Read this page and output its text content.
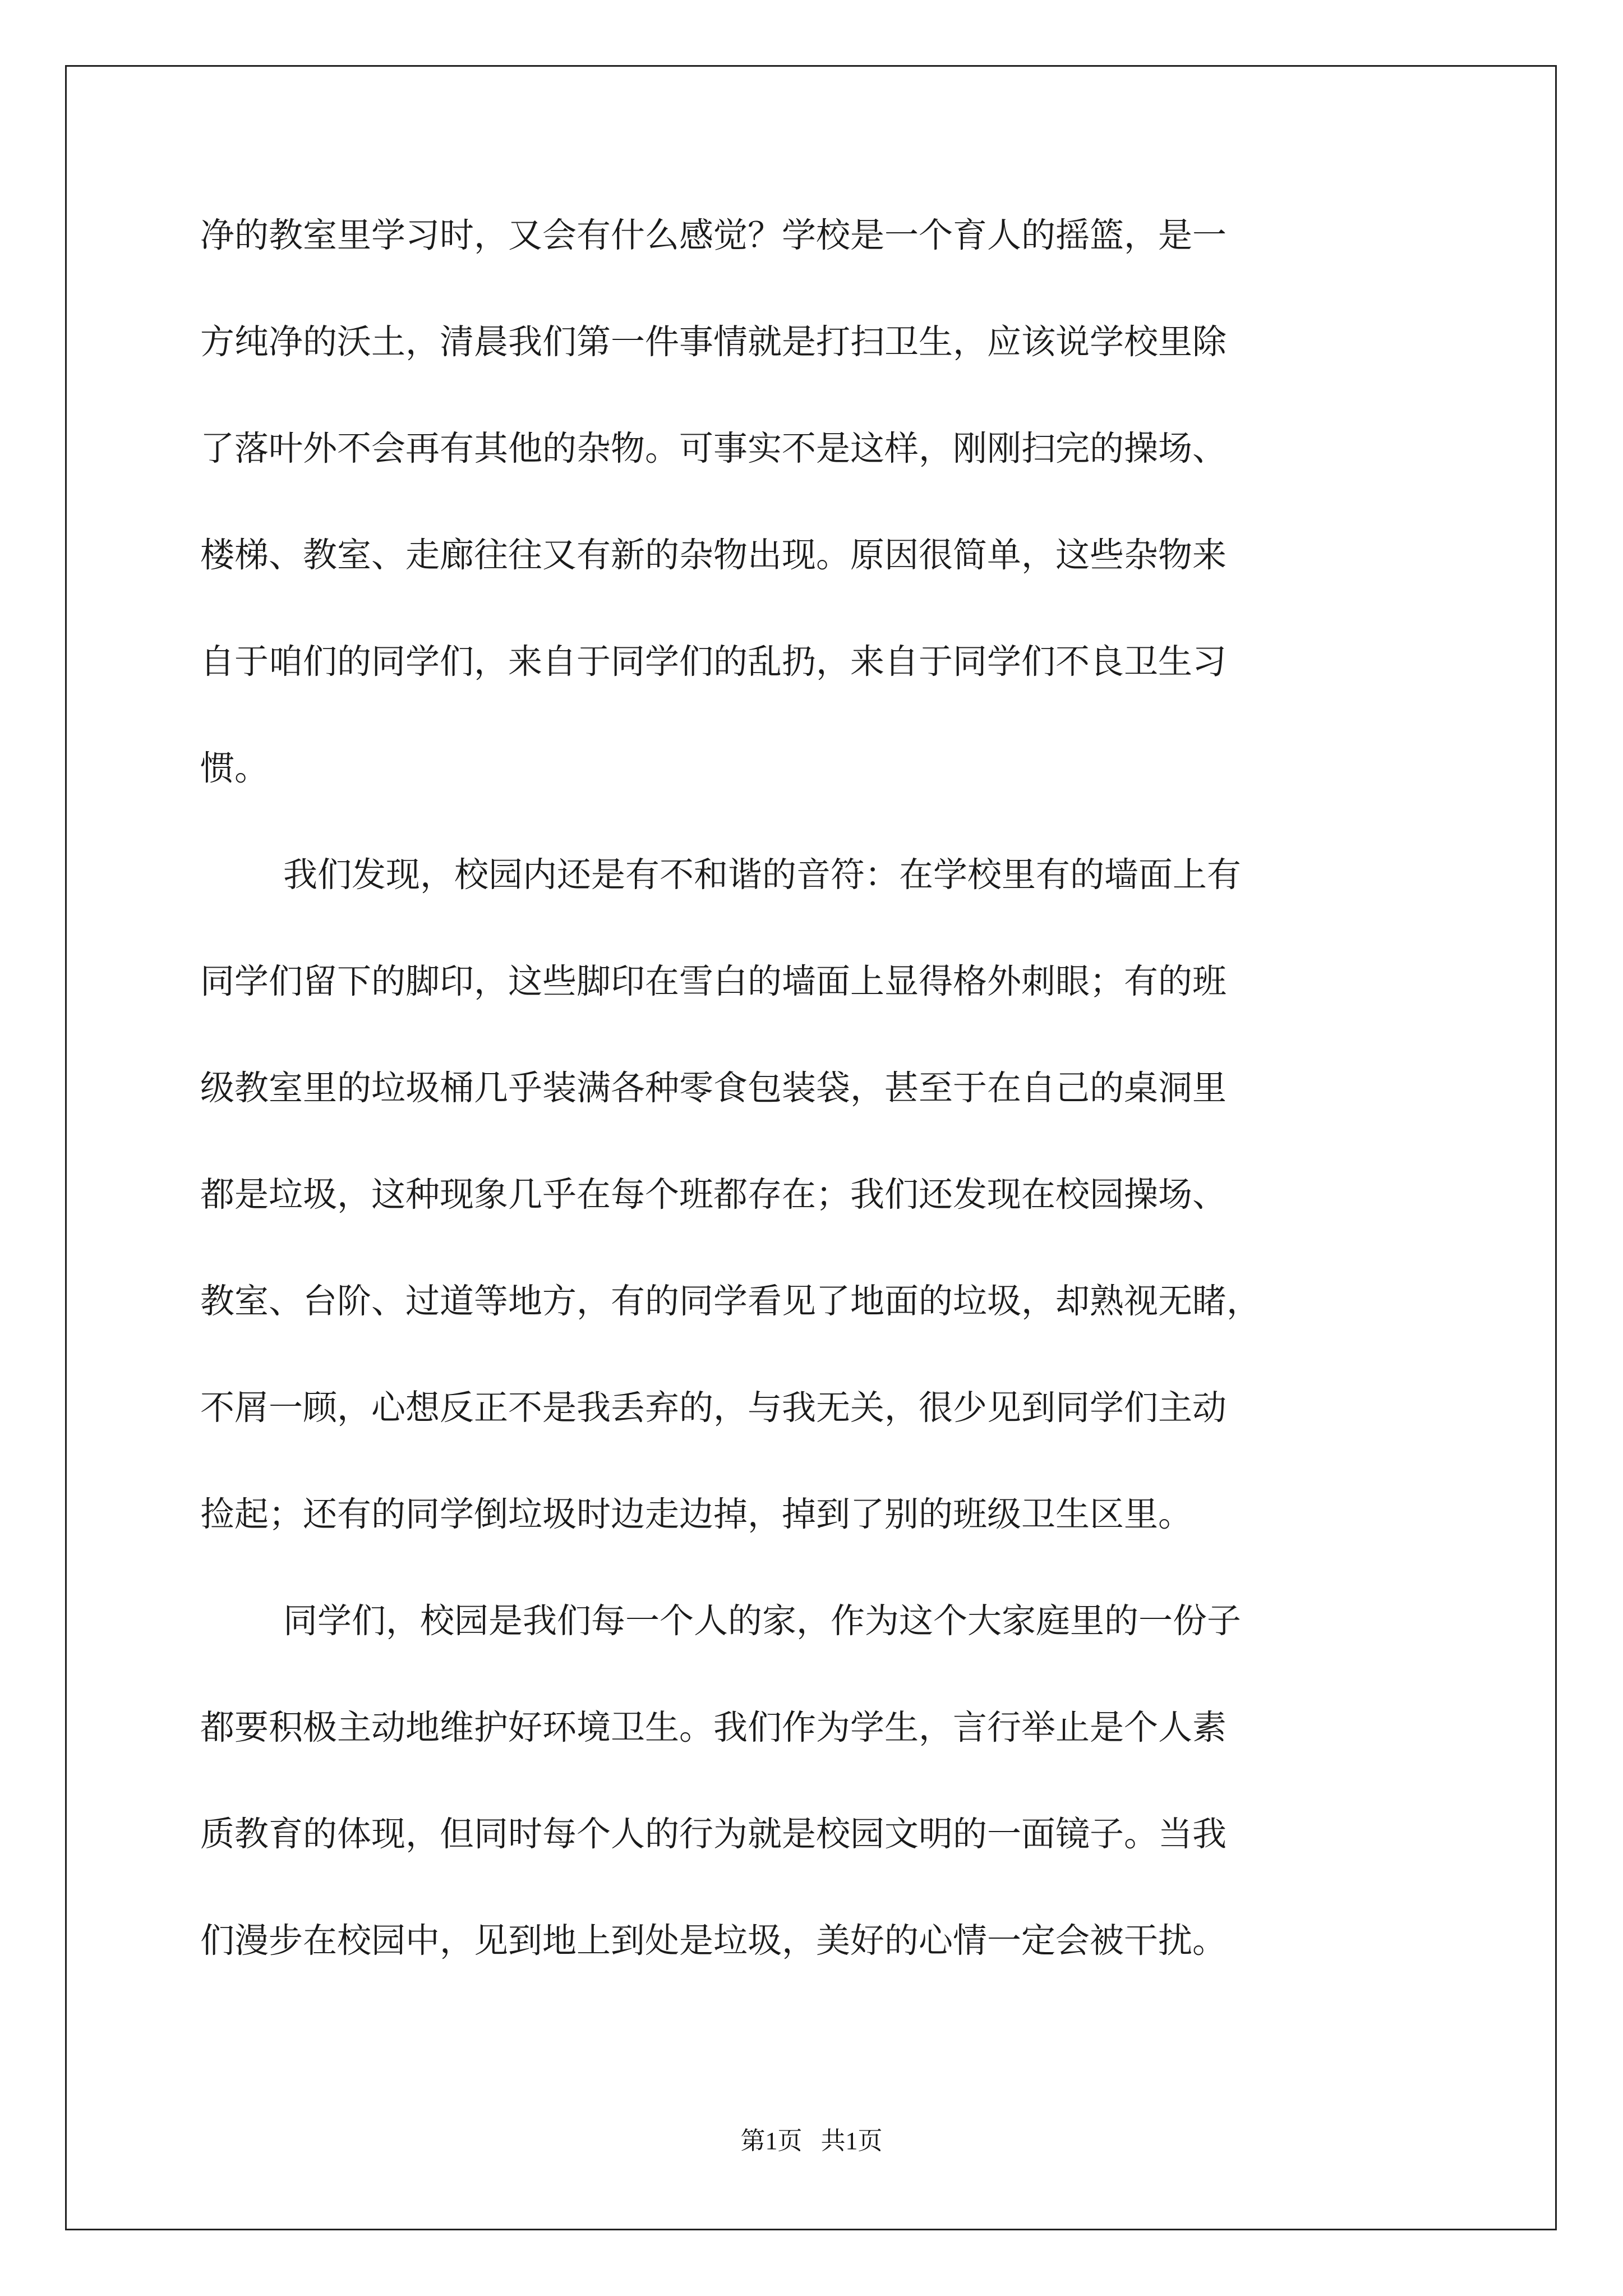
净的教室里学习时，又会有什么感觉？学校是一个育人的摇篮，是一
方纯净的沃土，清晨我们第一件事情就是打扫卫生，应该说学校里除
了落叶外不会再有其他的杂物。可事实不是这样，刚刚扫完的操场、
楼梯、教室、走廊往往又有新的杂物出现。原因很简单，这些杂物来
自于咱们的同学们，来自于同学们的乱扔，来自于同学们不良卫生习
惯。
我们发现，校园内还是有不和谐的音符：在学校里有的墙面上有
同学们留下的脚印，这些脚印在雪白的墙面上显得格外刺眼；有的班
级教室里的垃圾桶几乎装满各种零食包装袋，甚至于在自己的桌洞里
都是垃圾，这种现象几乎在每个班都存在；我们还发现在校园操场、
教室、台阶、过道等地方，有的同学看见了地面的垃圾，却熟视无睹，
不屑一顾，心想反正不是我丢弃的，与我无关，很少见到同学们主动
捡起；还有的同学倒垃圾时边走边掉，掉到了别的班级卫生区里。
同学们，校园是我们每一个人的家，作为这个大家庭里的一份子
都要积极主动地维护好环境卫生。我们作为学生，言行举止是个人素
质教育的体现，但同时每个人的行为就是校园文明的一面镜子。当我
们漫步在校园中，见到地上到处是垃圾，美好的心情一定会被干扰。
第1页   共1页
